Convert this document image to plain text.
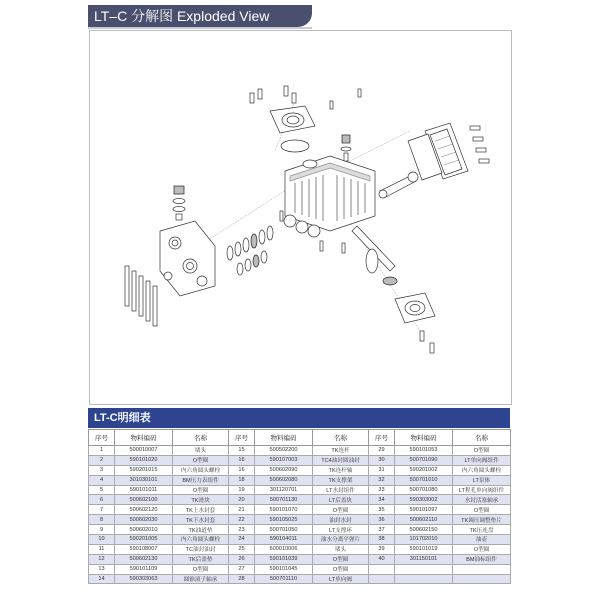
LT–C 分解图 Exploded View
LT-C明细表
序号	物料编码	名称	序号	物料编码	名称	序号	物料编码	名称
1	500010007	堵头	15	500502200	TK连杆	29	590101053	O型圈
2	590101020	O型圈	16	590107003	TC4油封圆油封	30	500701090	LT单向阀组件
3	590201015	内六角圆头螺栓	16	500602090	TK连杆轴	31	590201002	内六角圆头螺栓
4	301030101	BM压力表组件	18	500602080	TK支撑架	32	500701010	LT泵体
5	590101011	O型圈	19	301120701	LT水封组件	33	500701080	LT程孔单向阀组件
6	500602100	TK滑块	20	500701130	LT后盖块	34	590303002	水封活塞轴承
7	500602120	TK上水封套	21	590101070	O型圈	35	590101097	O型圈
8	500602030	TK下水封套	22	590105025	油封水封	36	500602110	TK调压调整垫片
9	500602010	TK油道垫	23	500701050	LT支撑环	37	500602150	TK压连盘
10	590201005	内六角圆头螺栓	24	590104011	油水分离平弹片	38	101702010	油壶
11	590108007	TC油封油封	25	500010006	堵头	39	590101019	O型圈
12	500602130	TK后盖垫	26	590101039	O型圈	40	301150101	BM油标组件
13	590101109	O型圈	27	590101045	O型圈			
14	590303063	圆锥滚子轴承	28	500701110	LT单向阀			
